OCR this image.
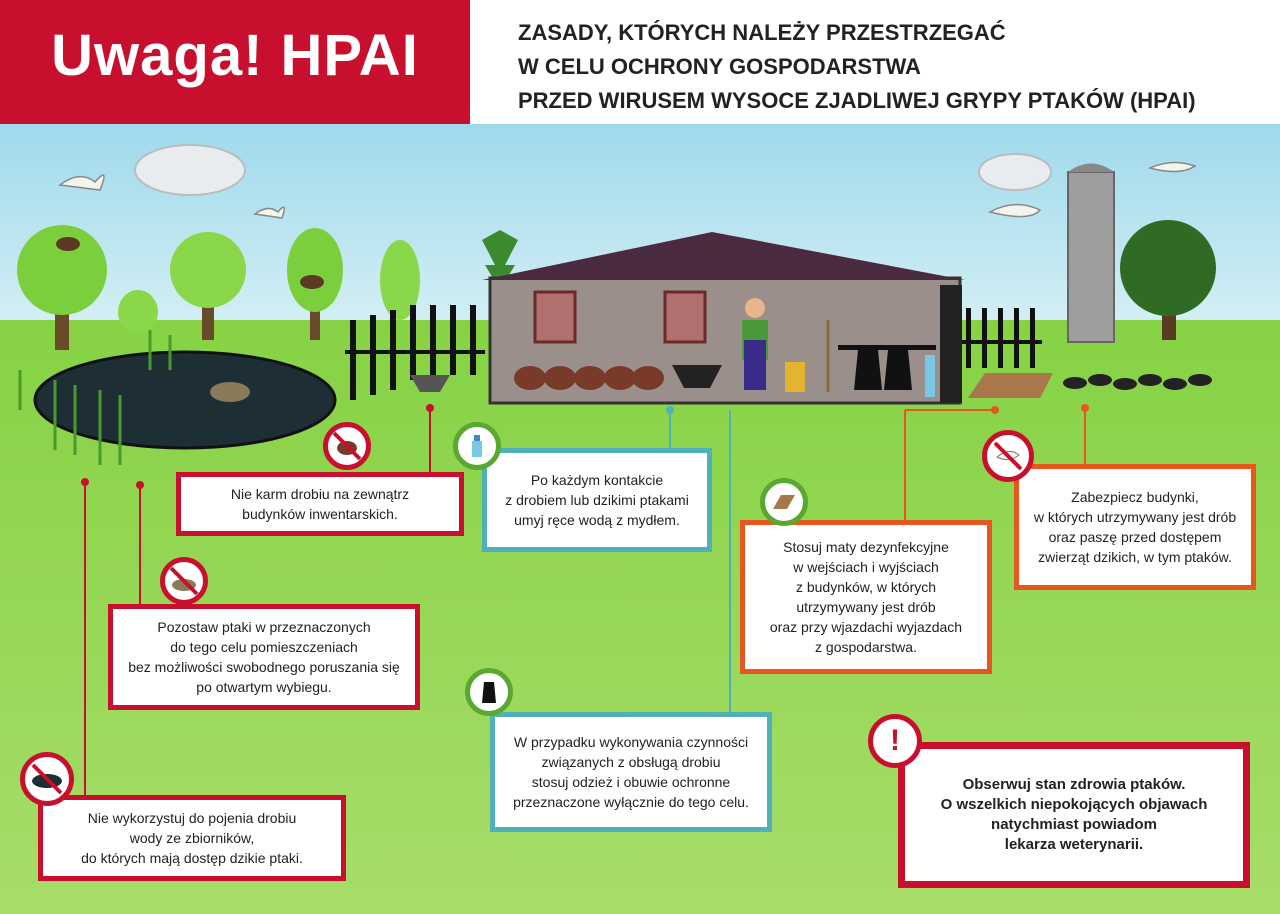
Uwaga! HPAI	ZASADY, KTÓRYCH NALEŻY PRZESTRZEGAĆ
W CELU OCHRONY GOSPODARSTWA
PRZED WIRUSEM WYSOCE ZJADLIWEJ GRYPY PTAKÓW (HPAI)
Nie karm drobiu na zewnątrz
budynków inwentarskich.
Pozostaw ptaki w przeznaczonych
do tego celu pomieszczeniach
bez możliwości swobodnego poruszania się
po otwartym wybiegu.
Nie wykorzystuj do pojenia drobiu
wody ze zbiorników,
do których mają dostęp dzikie ptaki.
Po każdym kontakcie
z drobiem lub dzikimi ptakami
umyj ręce wodą z mydłem.
W przypadku wykonywania czynności
związanych z obsługą drobiu
stosuj odzież i obuwie ochronne
przeznaczone wyłącznie do tego celu.
Stosuj maty dezynfekcyjne
w wejściach i wyjściach
z budynków, w których
utrzymywany jest drób
oraz przy wjazdachi wyjazdach
z gospodarstwa.
Zabezpiecz budynki,
w których utrzymywany jest drób
oraz paszę przed dostępem
zwierząt dzikich, w tym ptaków.
Obserwuj stan zdrowia ptaków.
O wszelkich niepokojących objawach
natychmiast powiadom
lekarza weterynarii.
!
